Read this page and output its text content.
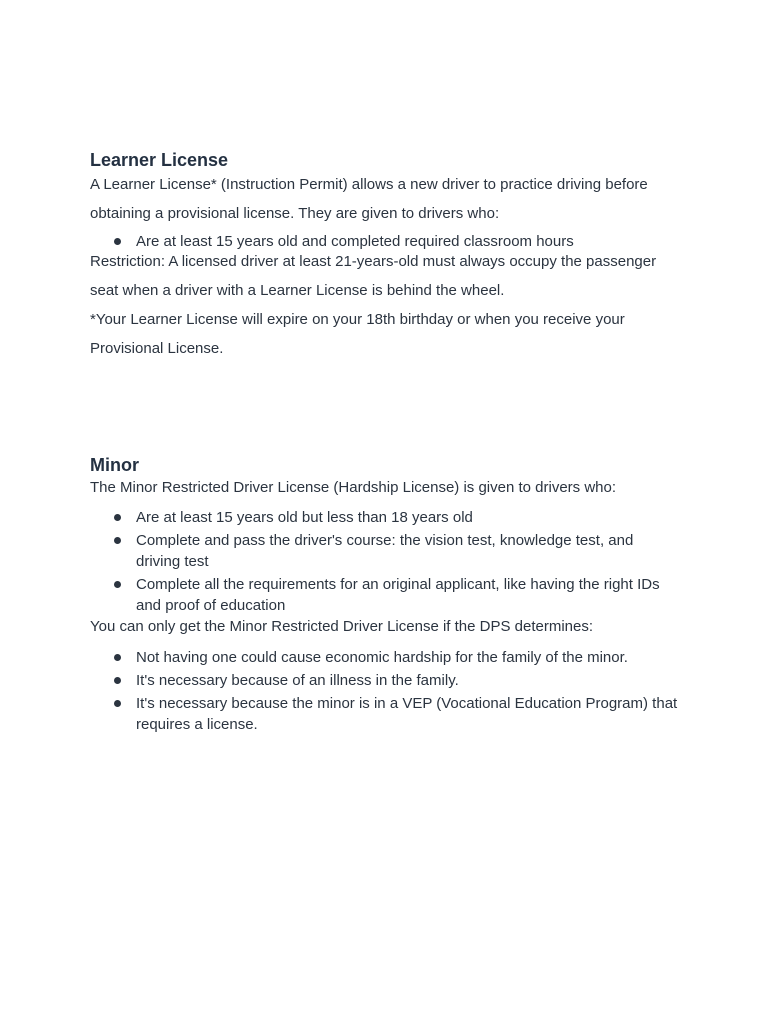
Learner License

A Learner License* (Instruction Permit) allows a new driver to practice driving before obtaining a provisional license. They are given to drivers who:

Are at least 15 years old and completed required classroom hours

Restriction: A licensed driver at least 21-years-old must always occupy the passenger seat when a driver with a Learner License is behind the wheel.

*Your Learner License will expire on your 18th birthday or when you receive your Provisional License.

Minor

The Minor Restricted Driver License (Hardship License) is given to drivers who:

Are at least 15 years old but less than 18 years old
Complete and pass the driver's course: the vision test, knowledge test, and driving test
Complete all the requirements for an original applicant, like having the right IDs and proof of education

You can only get the Minor Restricted Driver License if the DPS determines:

Not having one could cause economic hardship for the family of the minor.
It's necessary because of an illness in the family.
It's necessary because the minor is in a VEP (Vocational Education Program) that requires a license.
